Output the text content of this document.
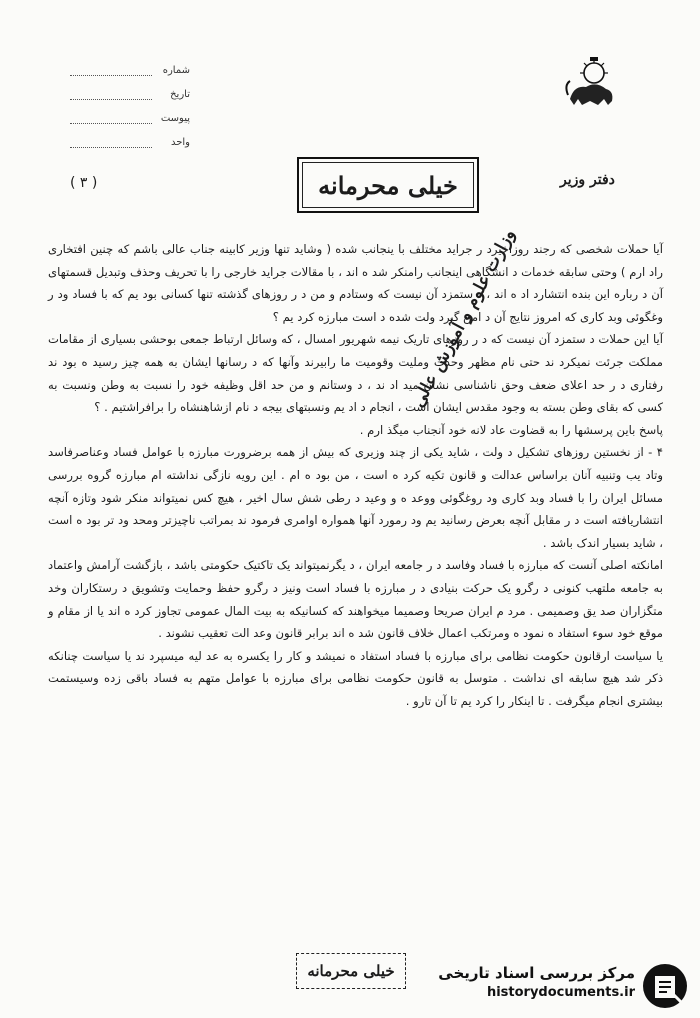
شماره
تاریخ
پیوست
واحد
وزارت علوم و آموزش عالی
دفتر وزیر
( ۳ )	خیلی محرمانه

آیا حملات شخصی که رجند روزاخیرد ر جراید مختلف با ینجانب شده ( وشاید تنها وزیر کابینه جناب عالی باشم که چنین افتخاری راد ارم ) وحتی سابقه خدمات د انشگاهی اینجانب رامنکر شد ه اند ، با مقالات جراید خارجی را با تحریف وحذف وتبدیل قسمتهای آن د رباره این بنده انتشارد اد ه اند ، د ستمزد آن نیست که وستادم و من د ر روزهای گذشته تنها کسانی بود یم که با فساد ود ر وغگوئی وبد کاری که امروز نتایج آن د امن گیرد ولت شده د است مبارزه کرد یم ؟

آیا این حملات د ستمزد آن نیست که د ر روزهای تاریک نیمه شهریور امسال ، که وسائل ارتباط جمعی بوحشی بسیاری از مقامات مملکت جرئت نمیکرد ند حتی نام مظهر وحدت وملیت وقومیت ما رابیرند وآنها که د رسانها ایشان به همه چیز رسید ه بود ند رفتاری د ر حد اعلای ضعف وحق ناشناسی نشان مید اد ند ، د وستانم و من حد اقل وظیفه خود را نسبت به وطن ونسبت به کسی که بقای وطن بسته به وجود مقدس ایشان است ، انجام د اد یم ونسبتهای بیجه د نام ازشاهنشاه را برافراشتیم . ؟

پاسخ باین پرسشها را به قضاوت عاد لانه خود آنجناب میگذ ارم .

۴ - از نخستین روزهای تشکیل د ولت ، شاید یکی از چند وزیری که بیش از همه برضرورت مبارزه با عوامل فساد وعناصرفاسد وتاد یب وتنبیه آنان براساس عدالت و قانون تکیه کرد ه است ، من بود ه ام . این رویه نازگی نداشته ام مبارزه گروه بررسی مسائل ایران را با فساد وبد کاری ود روغگوئی ووعد ه و وعید د رطی شش سال اخیر ، هیچ کس نمیتواند منکر شود وتازه آنچه انتشاریافته است د ر مقابل آنچه بعرض رسانید یم ود رمورد آنها همواره اوامری فرمود ند بمراتب ناچیزتر ومحد ود تر بود ه است ، شاید بسیار اندک باشد .

امانکته اصلی آنست که مبارزه با فساد وفاسد د ر جامعه ایران ، د یگرنمیتواند یک تاکتیک حکومتی باشد ، بازگشت آرامش واعتماد به جامعه ملتهب کنونی د رگرو یک حرکت بنیادی د ر مبارزه با فساد است ونیز د رگرو حفظ وحمایت وتشویق د رستکاران وخد متگزاران صد یق وصمیمی . مرد م ایران صریحا وصمیما میخواهند که کسانیکه به بیت المال عمومی تجاوز کرد ه اند یا از مقام و موقع خود سوء استفاد ه نمود ه ومرتکب اعمال خلاف قانون شد ه اند برابر قانون وعد الت تعقیب نشوند .

یا سیاست ارقانون حکومت نظامی برای مبارزه با فساد استفاد ه نمیشد و کار را یکسره به عد لیه میسپرد ند یا سیاست چنانکه ذکر شد هیچ سابقه ای نداشت . متوسل به قانون حکومت نظامی برای مبارزه با عوامل متهم به فساد باقی زده وسیستمت بیشتری انجام میگرفت . تا اینکار را کرد یم تا آن تارو .

خیلی محرمانه	مرکز بررسی اسناد تاریخی
historydocuments.ir
